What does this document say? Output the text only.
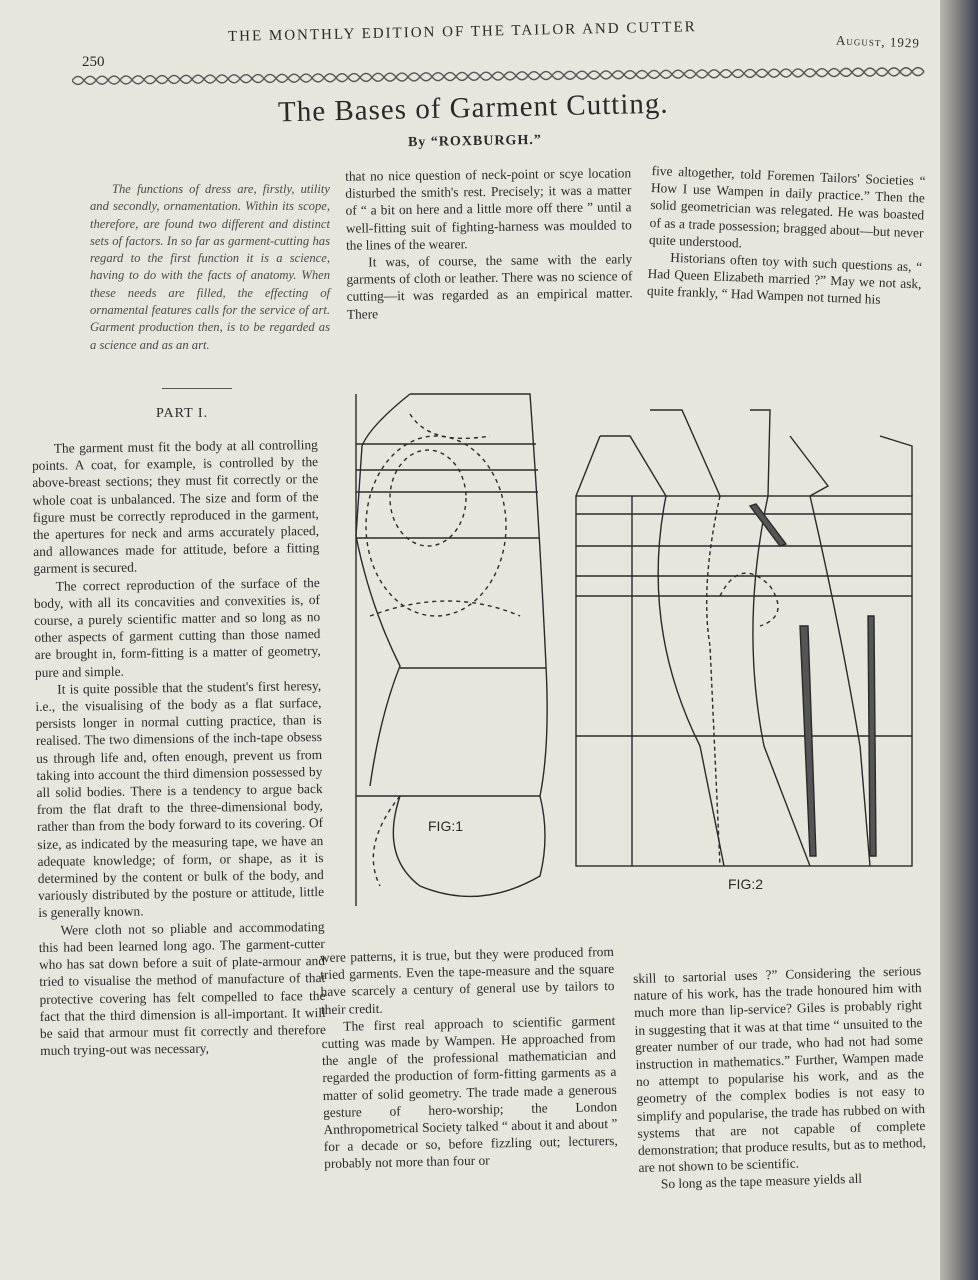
250
THE MONTHLY EDITION OF THE TAILOR AND CUTTER	August, 1929
The Bases of Garment Cutting.
By “ROXBURGH.”

The functions of dress are, firstly, utility and secondly, ornamentation. Within its scope, therefore, are found two different and distinct sets of factors. In so far as garment-cutting has regard to the first function it is a science, having to do with the facts of anatomy. When these needs are filled, the effecting of ornamental features calls for the service of art. Garment production then, is to be regarded as a science and as an art.

that no nice question of neck-point or scye location disturbed the smith's rest. Precisely; it was a matter of “ a bit on here and a little more off there ” until a well-fitting suit of fighting-harness was moulded to the lines of the wearer.

It was, of course, the same with the early garments of cloth or leather. There was no science of cutting—it was regarded as an empirical matter. There

five altogether, told Foremen Tailors' Societies “ How I use Wampen in daily practice.” Then the solid geometrician was relegated. He was boasted of as a trade possession; bragged about—but never quite understood.

Historians often toy with such questions as, “ Had Queen Elizabeth married ?” May we not ask, quite frankly, “ Had Wampen not turned his

PART I.

The garment must fit the body at all controlling points. A coat, for example, is controlled by the above-breast sections; they must fit correctly or the whole coat is unbalanced. The size and form of the figure must be correctly reproduced in the garment, the apertures for neck and arms accurately placed, and allowances made for attitude, before a fitting garment is secured.

The correct reproduction of the surface of the body, with all its concavities and convexities is, of course, a purely scientific matter and so long as no other aspects of garment cutting than those named are brought in, form-fitting is a matter of geometry, pure and simple.

It is quite possible that the student's first heresy, i.e., the visualising of the body as a flat surface, persists longer in normal cutting practice, than is realised. The two dimensions of the inch-tape obsess us through life and, often enough, prevent us from taking into account the third dimension possessed by all solid bodies. There is a tendency to argue back from the flat draft to the three-dimensional body, rather than from the body forward to its covering. Of size, as indicated by the measuring tape, we have an adequate knowledge; of form, or shape, as it is determined by the content or bulk of the body, and variously distributed by the posture or attitude, little is generally known.

Were cloth not so pliable and accommodating this had been learned long ago. The garment-cutter who has sat down before a suit of plate-armour and tried to visualise the method of manufacture of that protective covering has felt compelled to face the fact that the third dimension is all-important. It will be said that armour must fit correctly and therefore much trying-out was necessary,

were patterns, it is true, but they were produced from tried garments. Even the tape-measure and the square have scarcely a century of general use by tailors to their credit.

The first real approach to scientific garment cutting was made by Wampen. He approached from the angle of the professional mathematician and regarded the production of form-fitting garments as a matter of solid geometry. The trade made a generous gesture of hero-worship; the London Anthropometrical Society talked “ about it and about ” for a decade or so, before fizzling out; lecturers, probably not more than four or

skill to sartorial uses ?” Considering the serious nature of his work, has the trade honoured him with much more than lip-service? Giles is probably right in suggesting that it was at that time “ unsuited to the greater number of our trade, who had not had some instruction in mathematics.” Further, Wampen made no attempt to popularise his work, and as the geometry of the complex bodies is not easy to simplify and popularise, the trade has rubbed on with systems that are not capable of complete demonstration; that produce results, but as to method, are not shown to be scientific.

So long as the tape measure yields all

FIG:1
FIG:2
